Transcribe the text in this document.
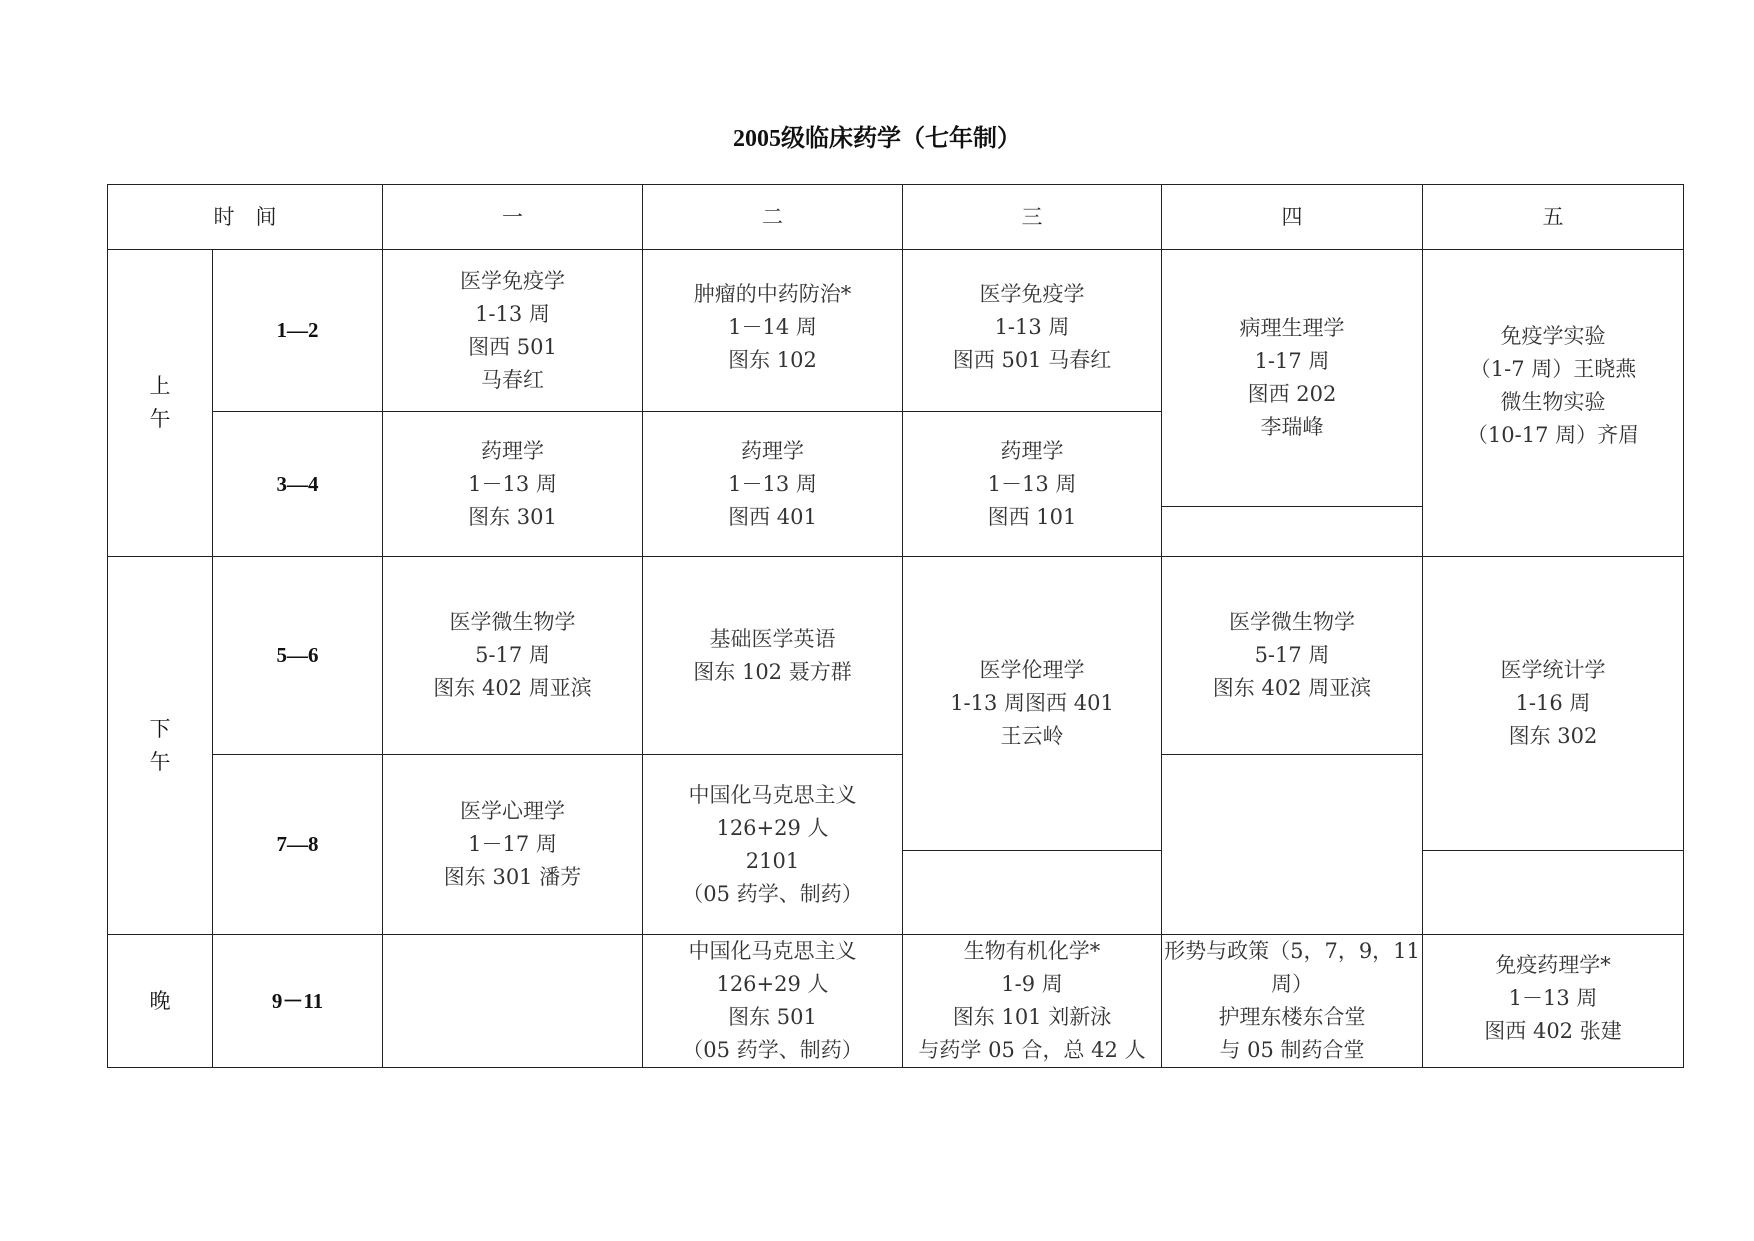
2005级临床药学（七年制）
时　间		一	二	三	四	五
上
午	1—2	医学免疫学
1-13 周
图西 501
马春红	肿瘤的中药防治*
1－14 周
图东 102	医学免疫学
1-13 周
图西 501 马春红	病理生理学
1-17 周
图西 202
李瑞峰	免疫学实验
（1-7 周）王晓燕
微生物实验
（10-17 周）齐眉

	3—4	药理学
1－13 周
图东 301	药理学
1－13 周
图西 401	药理学
1－13 周
图西 101		

下
午	5—6	医学微生物学
5-17 周
图东 402 周亚滨	基础医学英语
图东 102 聂方群	医学伦理学
1-13 周图西 401
王云岭	医学微生物学
5-17 周
图东 402 周亚滨	医学统计学
1-16 周
图东 302

	7—8	医学心理学
1－17 周
图东 301 潘芳	中国化马克思主义
126+29 人
2101
（05 药学、制药）			

晚	9－11		中国化马克思主义
126+29 人
图东 501
（05 药学、制药）	生物有机化学*
1-9 周
图东 101 刘新泳
与药学 05 合，总 42 人	形势与政策（5，7，9，11
周）
护理东楼东合堂
与 05 制药合堂	免疫药理学*
1－13 周
图西 402 张建
